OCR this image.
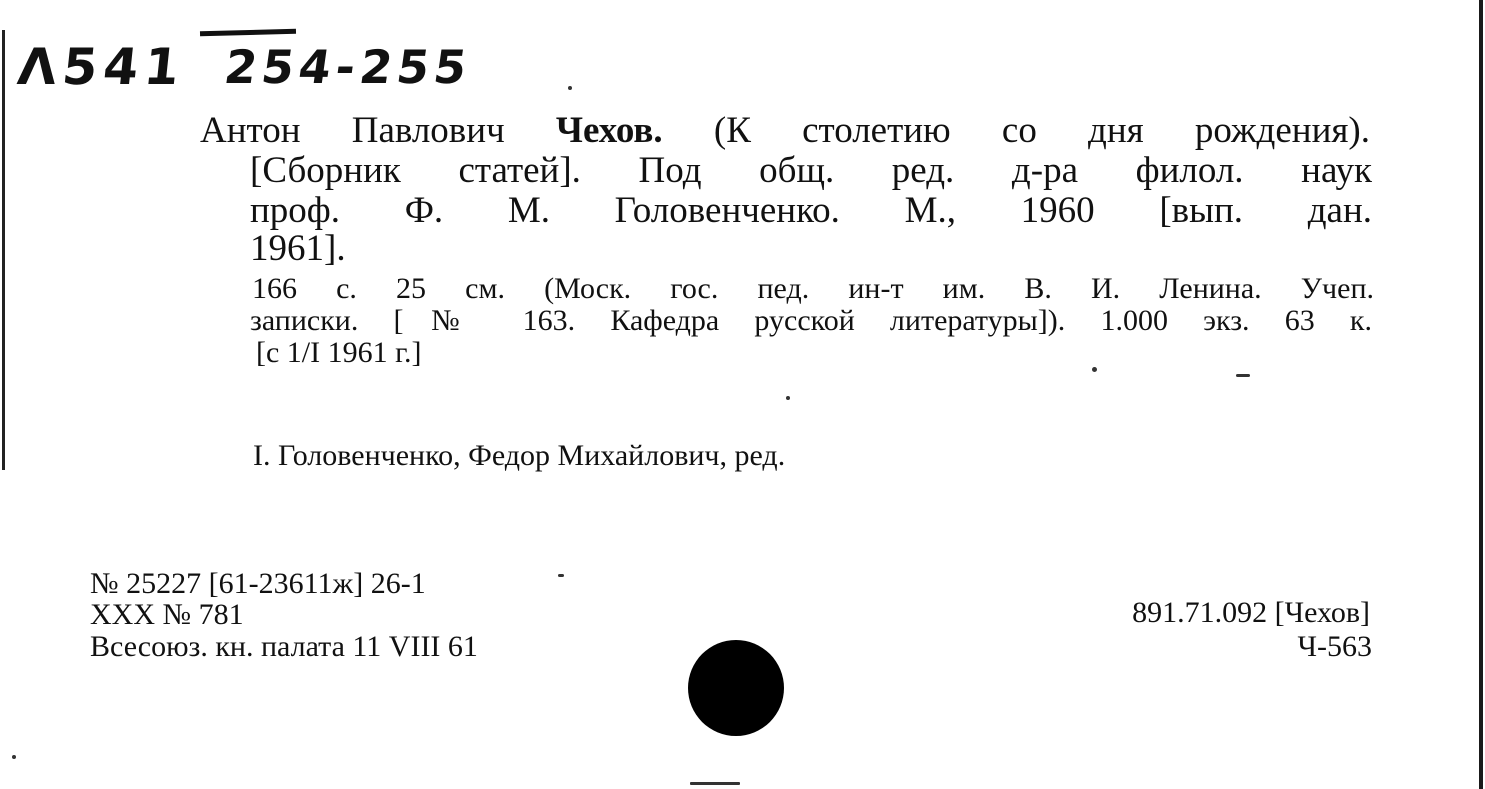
Λ541 254-255
Антон Павлович Чехов. (К столетию со дня рождения).
[Сборник статей]. Под общ. ред. д-ра филол. наук
проф. Ф. М. Головенченко. М., 1960 [вып. дан.
1961].
166 с. 25 см. (Моск. гос. пед. ин-т им. В. И. Ленина. Учеп.
записки. [№ 163. Кафедра русской литературы]). 1.000 экз. 63 к.
[с 1/I 1961 г.]
I. Головенченко, Федор Михайлович, ред.
№ 25227 [61-23611ж] 26-1
XXX № 781
Всесоюз. кн. палата 11 VIII 61
891.71.092 [Чехов]
Ч-563
